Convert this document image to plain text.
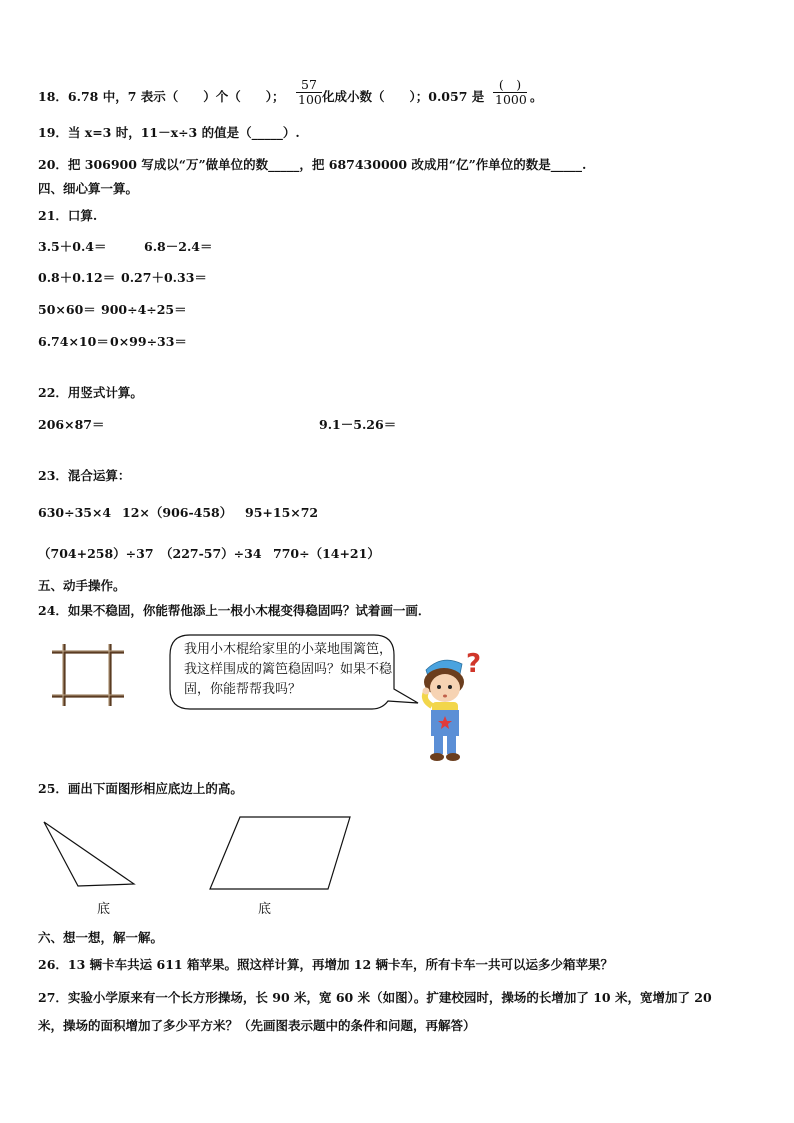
18．6.78 中，7 表示（　　）个（　　）； $\frac{57}{100}$ 化成小数（　　）；0.057 是
(　)
1000 。
19．当 x=3 时，11－x÷3 的值是（_____）.
20．把 306900 写成以“万”做单位的数_____，把 687430000 改成用“亿”作单位的数是_____.
四、细心算一算。
21．口算.
3.5＋0.4＝	6.8－2.4＝
0.8＋0.12＝ 0.27＋0.33＝
50×60＝ 900÷4÷25＝
6.74×10＝ 0×99÷33＝
22．用竖式计算。
206×87＝	9.1－5.26＝
23．混合运算：
630÷35×4 12×（906-458） 95+15×72
（704+258）÷37 （227-57）÷34 770÷（14+21）
五、动手操作。
24．如果不稳固，你能帮他添上一根小木棍变得稳固吗？试着画一画．
我用小木棍给家里的小菜地围篱笆，我这样围成的篱笆稳固吗？如果不稳固，你能帮帮我吗？
?
25．画出下面图形相应底边上的高。
底	底
六、想一想，解一解。
26．13 辆卡车共运 611 箱苹果。照这样计算，再增加 12 辆卡车，所有卡车一共可以运多少箱苹果？
27．实验小学原来有一个长方形操场，长 90 米，宽 60 米（如图）。扩建校园时，操场的长增加了 10 米，宽增加了 20
米，操场的面积增加了多少平方米？（先画图表示题中的条件和问题，再解答）
